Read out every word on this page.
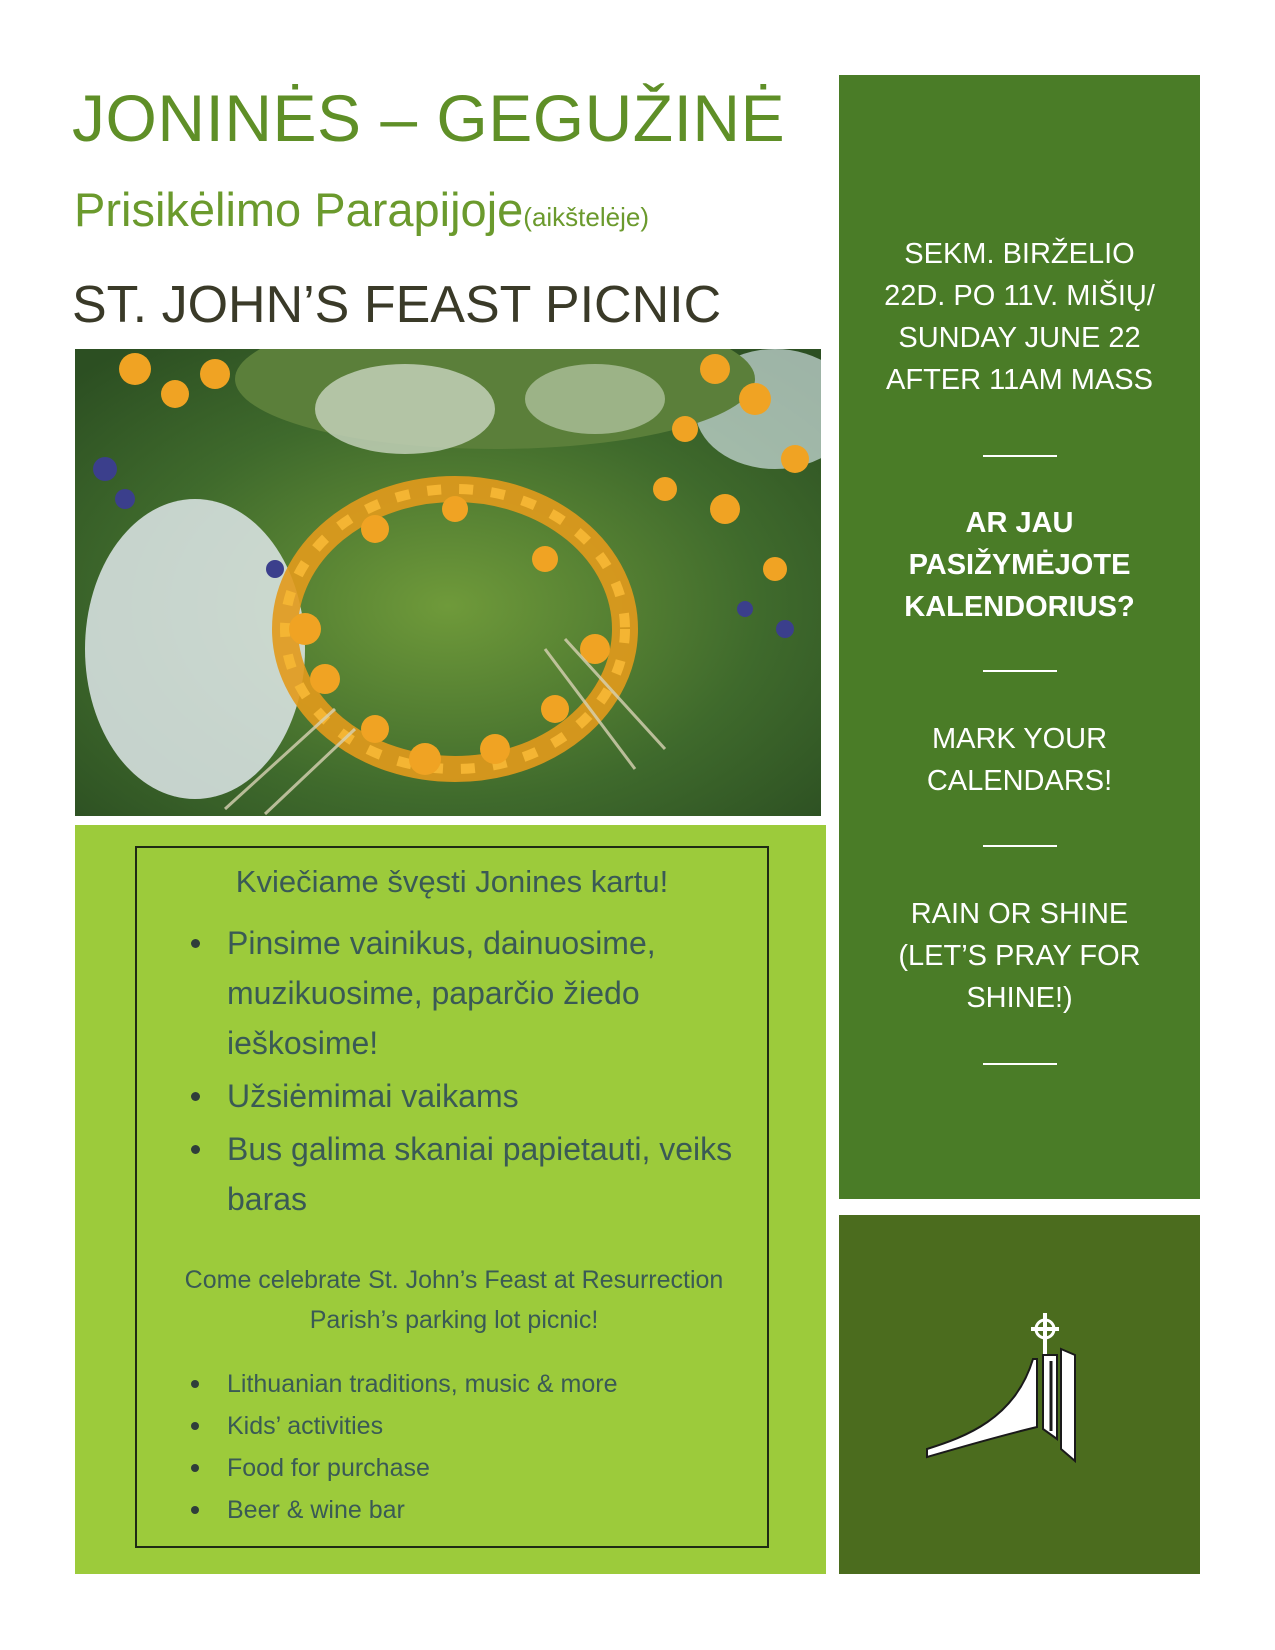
JONINĖS – GEGUŽINĖ
Prisikėlimo Parapijoje(aikštelėje)
ST. JOHN’S FEAST PICNIC
Kviečiame švęsti Jonines kartu!
Pinsime vainikus, dainuosime, muzikuosime, paparčio žiedo ieškosime!
Užsiėmimai vaikams
Bus galima skaniai papietauti, veiks baras
Come celebrate St. John’s Feast at Resurrection Parish’s parking lot picnic!
Lithuanian traditions, music & more
Kids’ activities
Food for purchase
Beer & wine bar
SEKM. BIRŽELIO
22D. PO 11V. MIŠIŲ/
SUNDAY JUNE 22
AFTER 11AM MASS
AR JAU
PASIŽYMĖJOTE
KALENDORIUS?
MARK YOUR
CALENDARS!
RAIN OR SHINE
(LET’S PRAY FOR
SHINE!)
